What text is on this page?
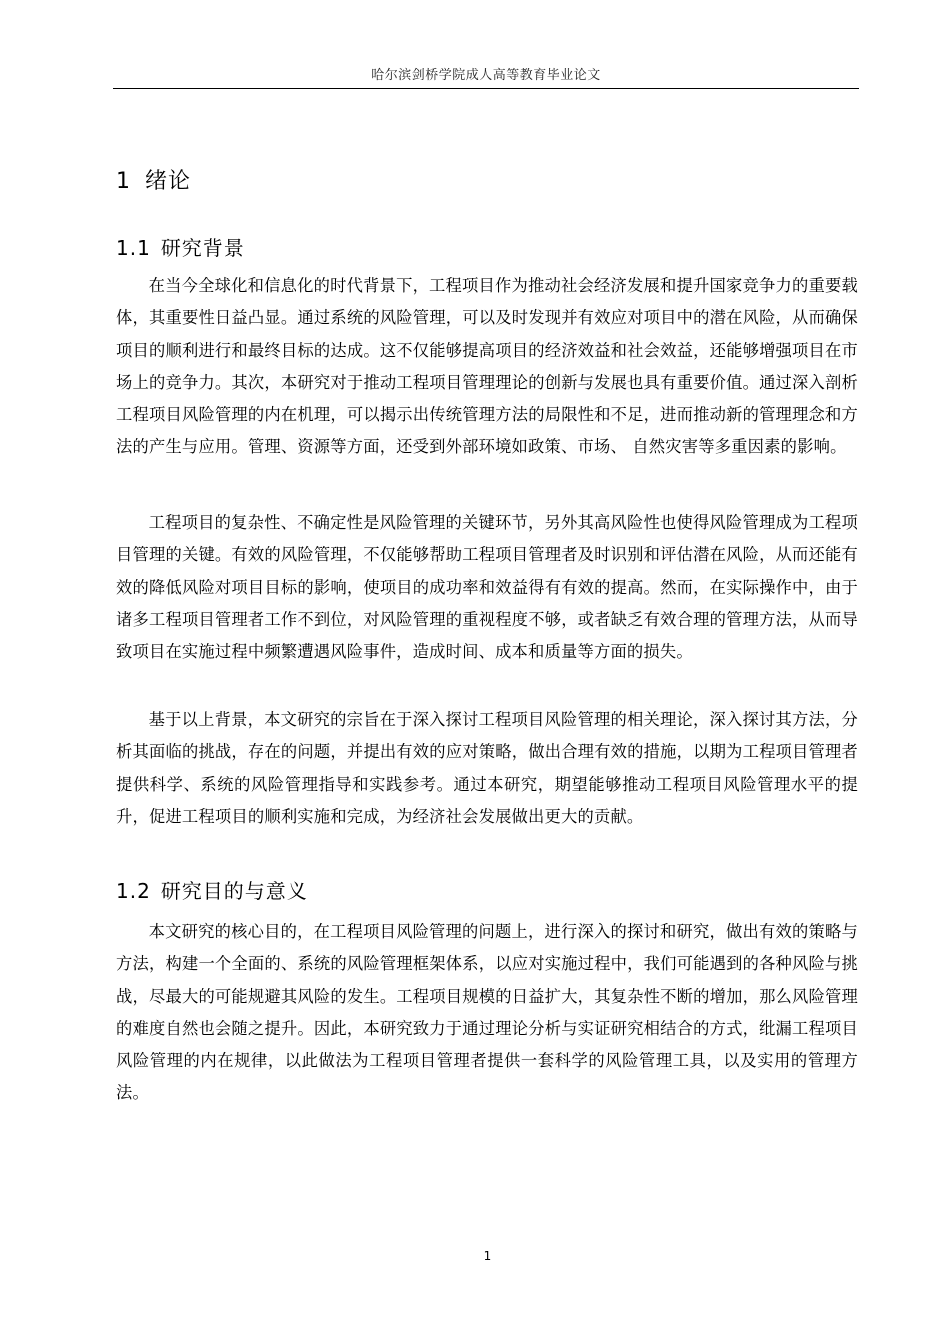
哈尔滨剑桥学院成人高等教育毕业论文
1 绪论
1.1 研究背景

在当今全球化和信息化的时代背景下，工程项目作为推动社会经济发展和提升国家竞争力的重要载体，其重要性日益凸显。通过系统的风险管理，可以及时发现并有效应对项目中的潜在风险，从而确保项目的顺利进行和最终目标的达成。这不仅能够提高项目的经济效益和社会效益，还能够增强项目在市场上的竞争力。其次，本研究对于推动工程项目管理理论的创新与发展也具有重要价值。通过深入剖析工程项目风险管理的内在机理，可以揭示出传统管理方法的局限性和不足，进而推动新的管理理念和方法的产生与应用。管理、资源等方面，还受到外部环境如政策、市场、 自然灾害等多重因素的影响。

工程项目的复杂性、不确定性是风险管理的关键环节，另外其高风险性也使得风险管理成为工程项目管理的关键。有效的风险管理，不仅能够帮助工程项目管理者及时识别和评估潜在风险，从而还能有效的降低风险对项目目标的影响，使项目的成功率和效益得有有效的提高。然而，在实际操作中，由于诸多工程项目管理者工作不到位，对风险管理的重视程度不够，或者缺乏有效合理的管理方法，从而导致项目在实施过程中频繁遭遇风险事件，造成时间、成本和质量等方面的损失。

基于以上背景，本文研究的宗旨在于深入探讨工程项目风险管理的相关理论，深入探讨其方法，分析其面临的挑战，存在的问题，并提出有效的应对策略，做出合理有效的措施，以期为工程项目管理者提供科学、系统的风险管理指导和实践参考。通过本研究，期望能够推动工程项目风险管理水平的提升，促进工程项目的顺利实施和完成，为经济社会发展做出更大的贡献。

1.2 研究目的与意义

本文研究的核心目的，在工程项目风险管理的问题上，进行深入的探讨和研究，做出有效的策略与方法，构建一个全面的、系统的风险管理框架体系，以应对实施过程中，我们可能遇到的各种风险与挑战，尽最大的可能规避其风险的发生。工程项目规模的日益扩大，其复杂性不断的增加，那么风险管理的难度自然也会随之提升。因此，本研究致力于通过理论分析与实证研究相结合的方式，纰漏工程项目风险管理的内在规律，以此做法为工程项目管理者提供一套科学的风险管理工具，以及实用的管理方法。

1
